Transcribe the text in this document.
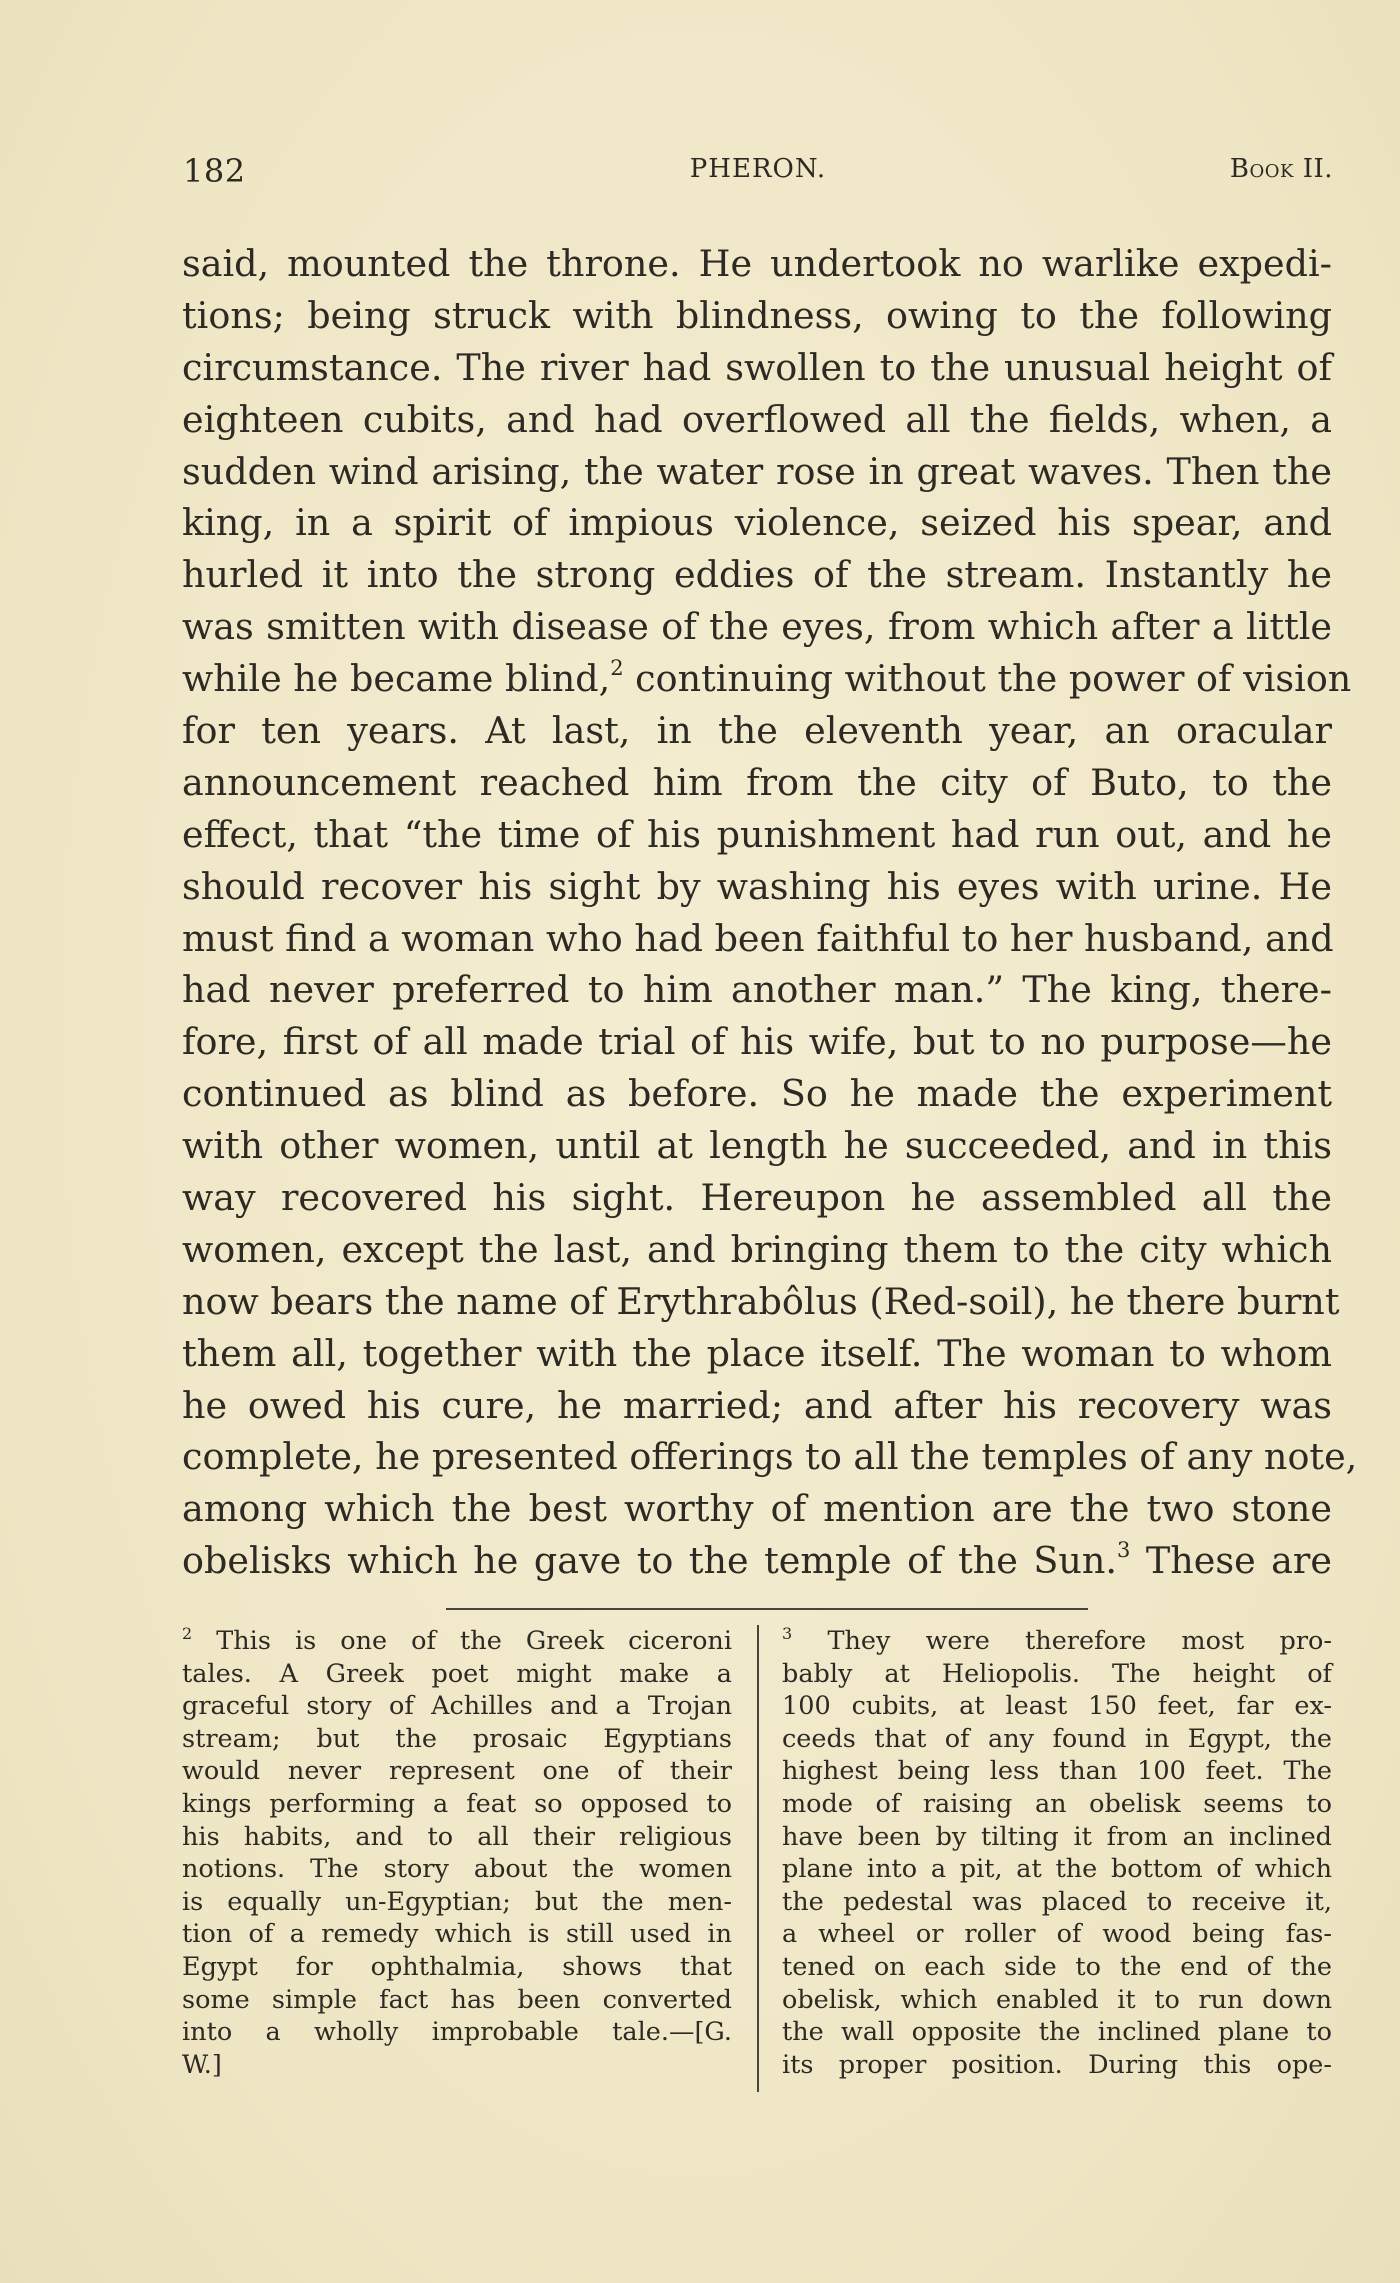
182	PHERON.	Book II.
said, mounted the throne. He undertook no warlike expedi-
tions; being struck with blindness, owing to the following
circumstance. The river had swollen to the unusual height of
eighteen cubits, and had overflowed all the fields, when, a
sudden wind arising, the water rose in great waves. Then the
king, in a spirit of impious violence, seized his spear, and
hurled it into the strong eddies of the stream. Instantly he
was smitten with disease of the eyes, from which after a little
while he became blind,$^2$ continuing without the power of vision
for ten years. At last, in the eleventh year, an oracular
announcement reached him from the city of Buto, to the
effect, that “the time of his punishment had run out, and he
should recover his sight by washing his eyes with urine. He
must find a woman who had been faithful to her husband, and
had never preferred to him another man.” The king, there-
fore, first of all made trial of his wife, but to no purpose—he
continued as blind as before. So he made the experiment
with other women, until at length he succeeded, and in this
way recovered his sight. Hereupon he assembled all the
women, except the last, and bringing them to the city which
now bears the name of Erythrabôlus (Red-soil), he there burnt
them all, together with the place itself. The woman to whom
he owed his cure, he married; and after his recovery was
complete, he presented offerings to all the temples of any note,
among which the best worthy of mention are the two stone
obelisks which he gave to the temple of the Sun.$^3$ These are
$^2$ This is one of the Greek ciceroni
tales. A Greek poet might make a
graceful story of Achilles and a Trojan
stream; but the prosaic Egyptians
would never represent one of their
kings performing a feat so opposed to
his habits, and to all their religious
notions. The story about the women
is equally un-Egyptian; but the men-
tion of a remedy which is still used in
Egypt for ophthalmia, shows that
some simple fact has been converted
into a wholly improbable tale.—[G.
W.]
$^3$ They were therefore most pro-
bably at Heliopolis. The height of
100 cubits, at least 150 feet, far ex-
ceeds that of any found in Egypt, the
highest being less than 100 feet. The
mode of raising an obelisk seems to
have been by tilting it from an inclined
plane into a pit, at the bottom of which
the pedestal was placed to receive it,
a wheel or roller of wood being fas-
tened on each side to the end of the
obelisk, which enabled it to run down
the wall opposite the inclined plane to
its proper position. During this ope-
